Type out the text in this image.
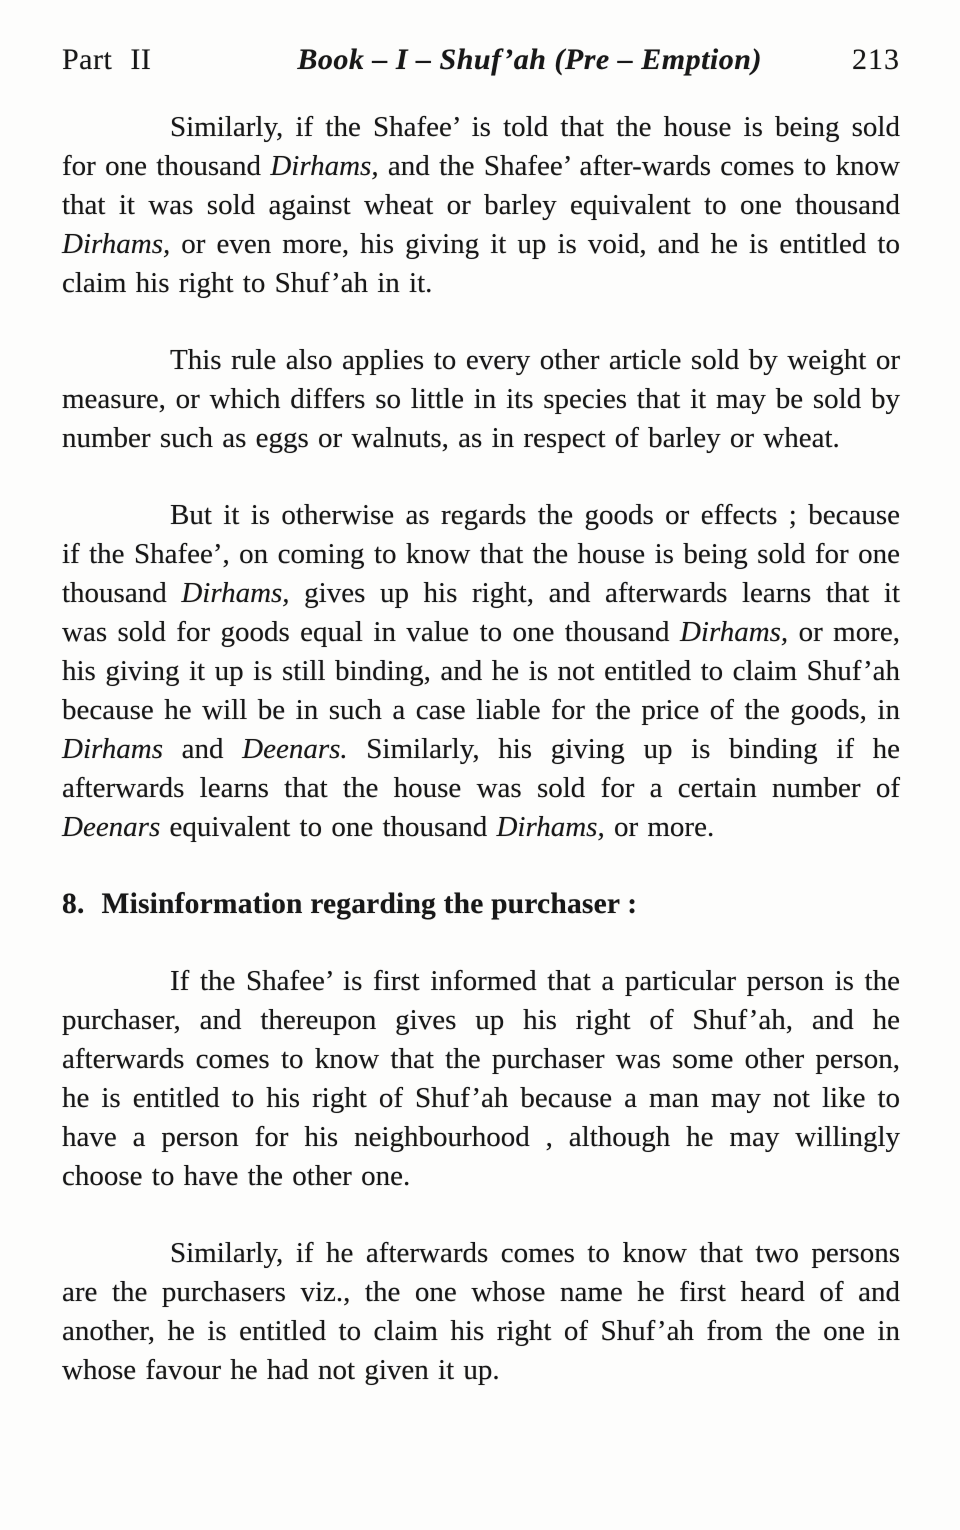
Part II	Book – I – Shuf’ah (Pre – Emption)	213

Similarly, if the Shafee’ is told that the house is being sold for one thousand Dirhams, and the Shafee’ after-wards comes to know that it was sold against wheat or barley equivalent to one thousand Dirhams, or even more, his giving it up is void, and he is entitled to claim his right to Shuf’ah in it.

This rule also applies to every other article sold by weight or measure, or which differs so little in its species that it may be sold by number such as eggs or walnuts, as in respect of barley or wheat.

But it is otherwise as regards the goods or effects ; because if the Shafee’, on coming to know that the house is being sold for one thousand Dirhams, gives up his right, and afterwards learns that it was sold for goods equal in value to one thousand Dirhams, or more, his giving it up is still binding, and he is not entitled to claim Shuf’ah because he will be in such a case liable for the price of the goods, in Dirhams and Deenars. Similarly, his giving up is binding if he afterwards learns that the house was sold for a certain number of Deenars equivalent to one thousand Dirhams, or more.

8. Misinformation regarding the purchaser :

If the Shafee’ is first informed that a particular person is the purchaser, and thereupon gives up his right of Shuf’ah, and he afterwards comes to know that the purchaser was some other person, he is entitled to his right of Shuf’ah because a man may not like to have a person for his neighbourhood , although he may willingly choose to have the other one.

Similarly, if he afterwards comes to know that two persons are the purchasers viz., the one whose name he first heard of and another, he is entitled to claim his right of Shuf’ah from the one in whose favour he had not given it up.
